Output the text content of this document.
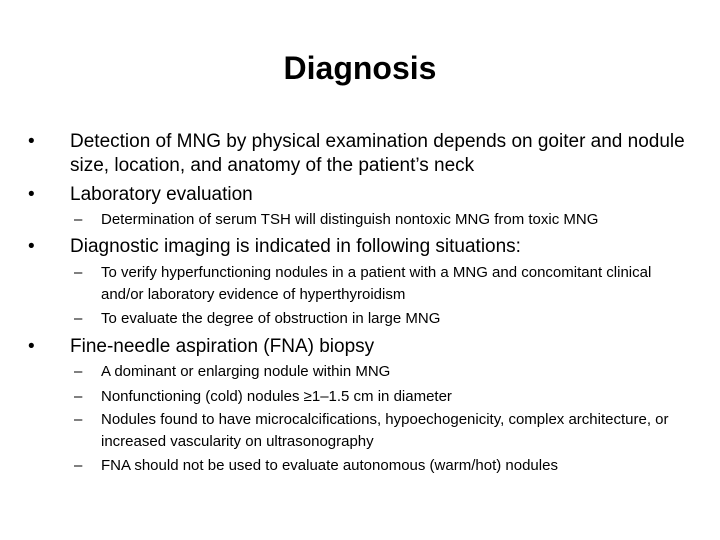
Diagnosis
• Detection of MNG by physical examination depends on goiter and nodule size, location, and anatomy of the patient’s neck
• Laboratory evaluation
– Determination of serum TSH will distinguish nontoxic MNG from toxic MNG
• Diagnostic imaging is indicated in following situations:
– To verify hyperfunctioning nodules in a patient with a MNG and concomitant clinical and/or laboratory evidence of hyperthyroidism
– To evaluate the degree of obstruction in large MNG
• Fine-needle aspiration (FNA) biopsy
– A dominant or enlarging nodule within MNG
– Nonfunctioning (cold) nodules ≥1–1.5 cm in diameter
– Nodules found to have microcalcifications, hypoechogenicity, complex architecture, or increased vascularity on ultrasonography
– FNA should not be used to evaluate autonomous (warm/hot) nodules
